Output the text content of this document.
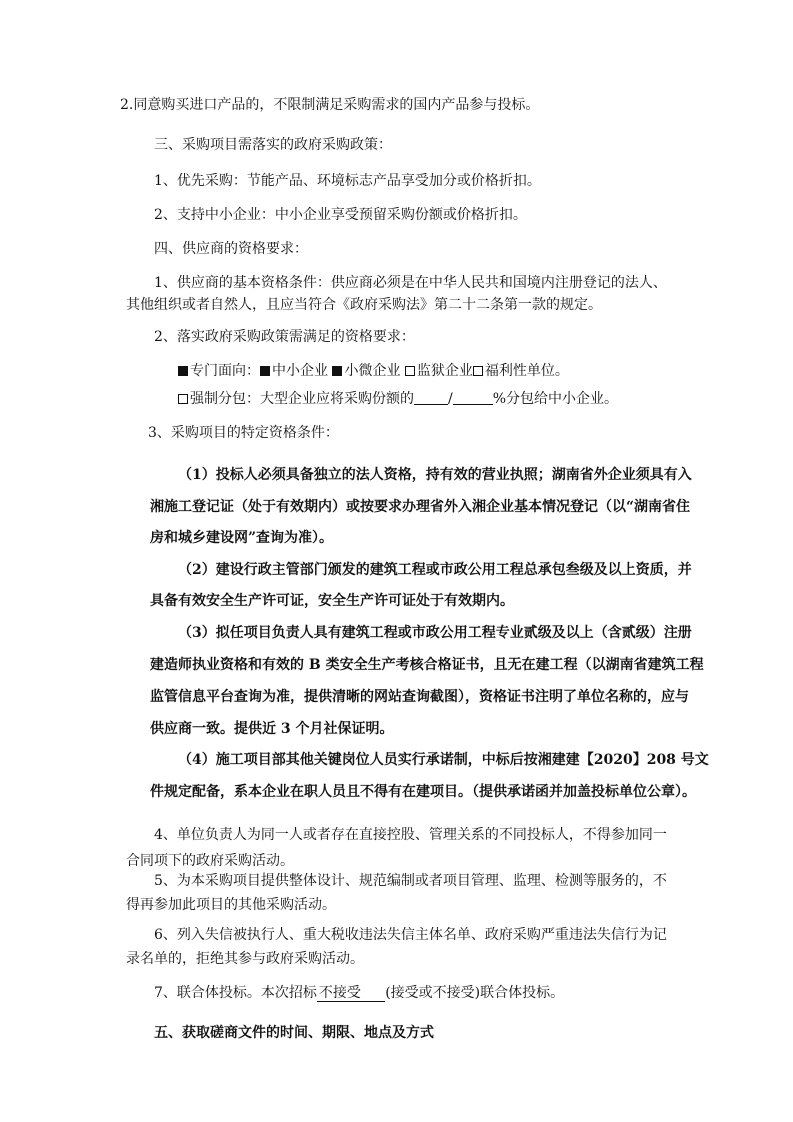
2.同意购买进口产品的，不限制满足采购需求的国内产品参与投标。
三、采购项目需落实的政府采购政策：
1、优先采购：节能产品、环境标志产品享受加分或价格折扣。
2、支持中小企业：中小企业享受预留采购份额或价格折扣。
四、供应商的资格要求：
1、供应商的基本资格条件：供应商必须是在中华人民共和国境内注册登记的法人、
其他组织或者自然人，且应当符合《政府采购法》第二十二条第一款的规定。
2、落实政府采购政策需满足的资格要求：
专门面向： 中小企业 小微企业 监狱企业 福利性单位。
强制分包：大型企业应将采购份额的 /	%分包给中小企业。
3、采购项目的特定资格条件：
（1）投标人必须具备独立的法人资格，持有效的营业执照；湖南省外企业须具有入
湘施工登记证（处于有效期内）或按要求办理省外入湘企业基本情况登记（以“湖南省住
房和城乡建设网”查询为准）。
（2）建设行政主管部门颁发的建筑工程或市政公用工程总承包叁级及以上资质，并
具备有效安全生产许可证，安全生产许可证处于有效期内。
（3）拟任项目负责人具有建筑工程或市政公用工程专业贰级及以上（含贰级）注册
建造师执业资格和有效的 B 类安全生产考核合格证书，且无在建工程（以湖南省建筑工程
监管信息平台查询为准，提供清晰的网站查询截图），资格证书注明了单位名称的，应与
供应商一致。提供近 3 个月社保证明。
（4）施工项目部其他关键岗位人员实行承诺制，中标后按湘建建【2020】208 号文
件规定配备，系本企业在职人员且不得有在建项目。（提供承诺函并加盖投标单位公章）。
4、单位负责人为同一人或者存在直接控股、管理关系的不同投标人，不得参加同一
合同项下的政府采购活动。
5、为本采购项目提供整体设计、规范编制或者项目管理、监理、检测等服务的，不
得再参加此项目的其他采购活动。
6、列入失信被执行人、重大税收违法失信主体名单、政府采购严重违法失信行为记
录名单的，拒绝其参与政府采购活动。
7、联合体投标。本次招标 不接受 (接受或不接受)联合体投标。
五、获取磋商文件的时间、期限、地点及方式
